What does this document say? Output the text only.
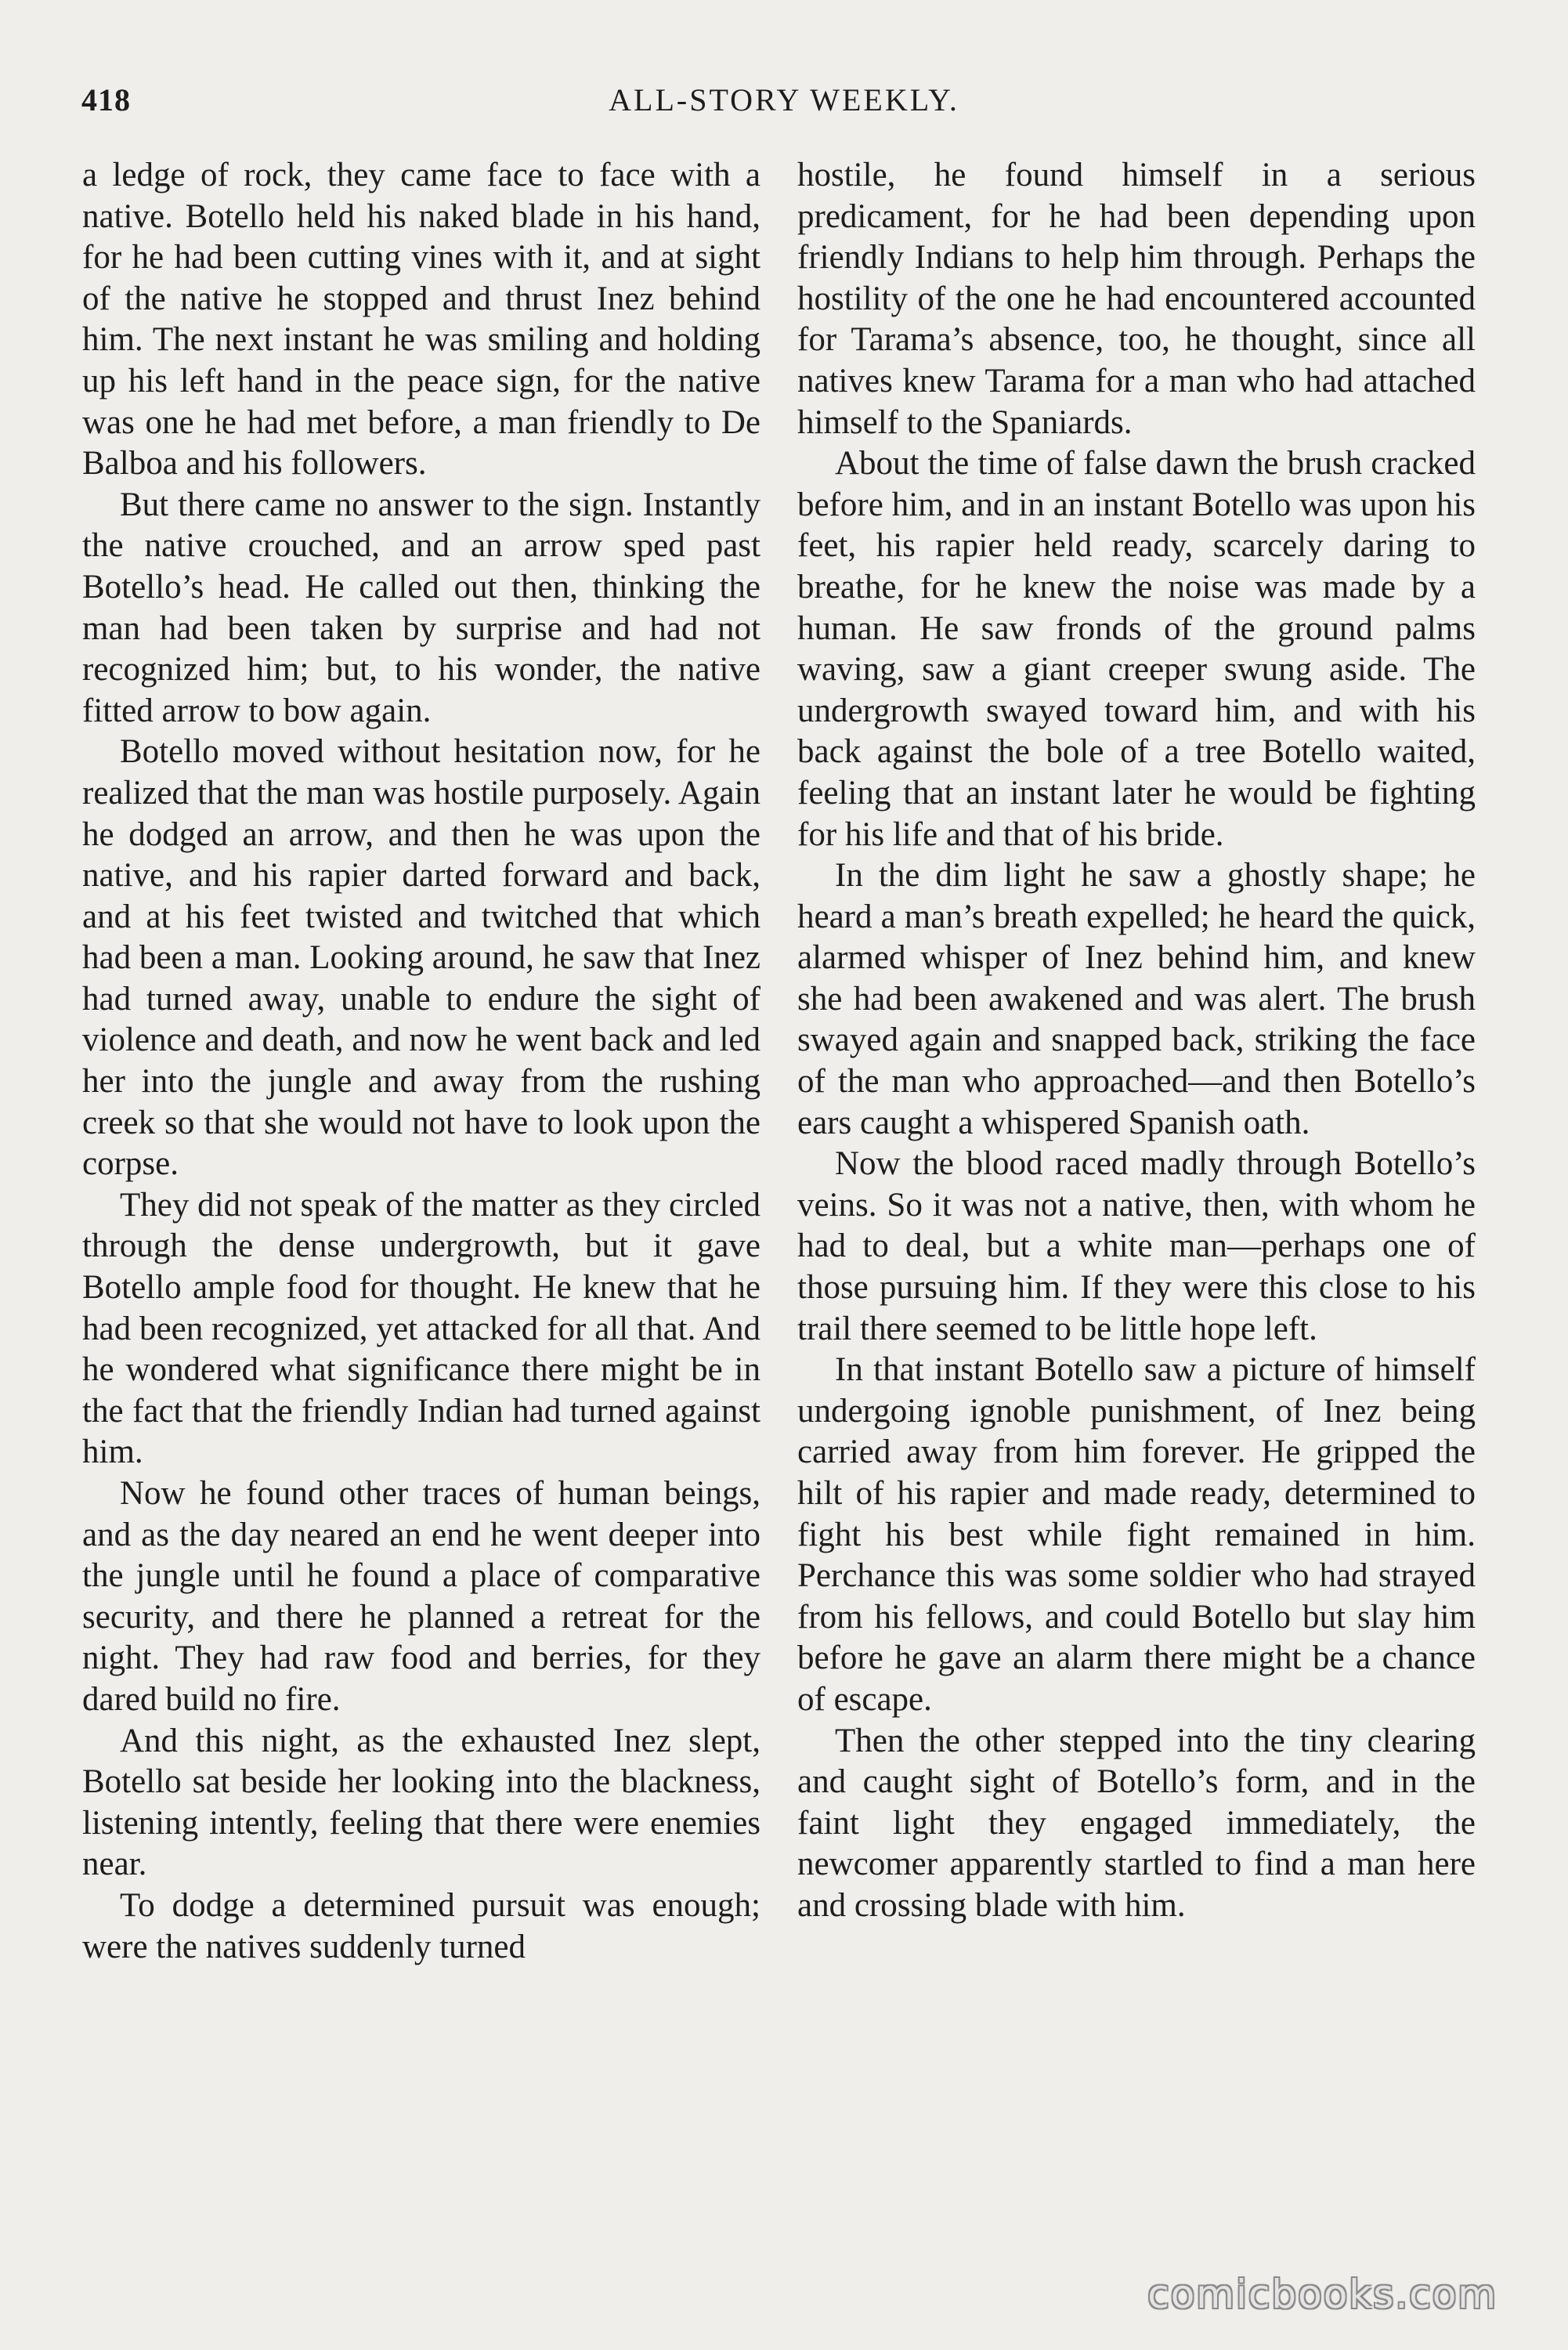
418	ALL-STORY WEEKLY.

a ledge of rock, they came face to face with a native. Botello held his naked blade in his hand, for he had been cutting vines with it, and at sight of the native he stopped and thrust Inez behind him. The next instant he was smiling and holding up his left hand in the peace sign, for the native was one he had met before, a man friendly to De Balboa and his followers.

But there came no answer to the sign. Instantly the native crouched, and an arrow sped past Botello’s head. He called out then, thinking the man had been taken by surprise and had not recognized him; but, to his wonder, the native fitted arrow to bow again.

Botello moved without hesitation now, for he realized that the man was hostile purposely. Again he dodged an arrow, and then he was upon the native, and his rapier darted forward and back, and at his feet twisted and twitched that which had been a man. Looking around, he saw that Inez had turned away, unable to endure the sight of violence and death, and now he went back and led her into the jungle and away from the rushing creek so that she would not have to look upon the corpse.

They did not speak of the matter as they circled through the dense undergrowth, but it gave Botello ample food for thought. He knew that he had been recognized, yet attacked for all that. And he wondered what significance there might be in the fact that the friendly Indian had turned against him.

Now he found other traces of human beings, and as the day neared an end he went deeper into the jungle until he found a place of comparative security, and there he planned a retreat for the night. They had raw food and berries, for they dared build no fire.

And this night, as the exhausted Inez slept, Botello sat beside her looking into the blackness, listening intently, feeling that there were enemies near.

To dodge a determined pursuit was enough; were the natives suddenly turned

hostile, he found himself in a serious predicament, for he had been depending upon friendly Indians to help him through. Perhaps the hostility of the one he had encountered accounted for Tarama’s absence, too, he thought, since all natives knew Tarama for a man who had attached himself to the Spaniards.

About the time of false dawn the brush cracked before him, and in an instant Botello was upon his feet, his rapier held ready, scarcely daring to breathe, for he knew the noise was made by a human. He saw fronds of the ground palms waving, saw a giant creeper swung aside. The undergrowth swayed toward him, and with his back against the bole of a tree Botello waited, feeling that an instant later he would be fighting for his life and that of his bride.

In the dim light he saw a ghostly shape; he heard a man’s breath expelled; he heard the quick, alarmed whisper of Inez behind him, and knew she had been awakened and was alert. The brush swayed again and snapped back, striking the face of the man who approached—and then Botello’s ears caught a whispered Spanish oath.

Now the blood raced madly through Botello’s veins. So it was not a native, then, with whom he had to deal, but a white man—perhaps one of those pursuing him. If they were this close to his trail there seemed to be little hope left.

In that instant Botello saw a picture of himself undergoing ignoble punishment, of Inez being carried away from him forever. He gripped the hilt of his rapier and made ready, determined to fight his best while fight remained in him. Perchance this was some soldier who had strayed from his fellows, and could Botello but slay him before he gave an alarm there might be a chance of escape.

Then the other stepped into the tiny clearing and caught sight of Botello’s form, and in the faint light they engaged immediately, the newcomer apparently startled to find a man here and crossing blade with him.

comicbooks.com
